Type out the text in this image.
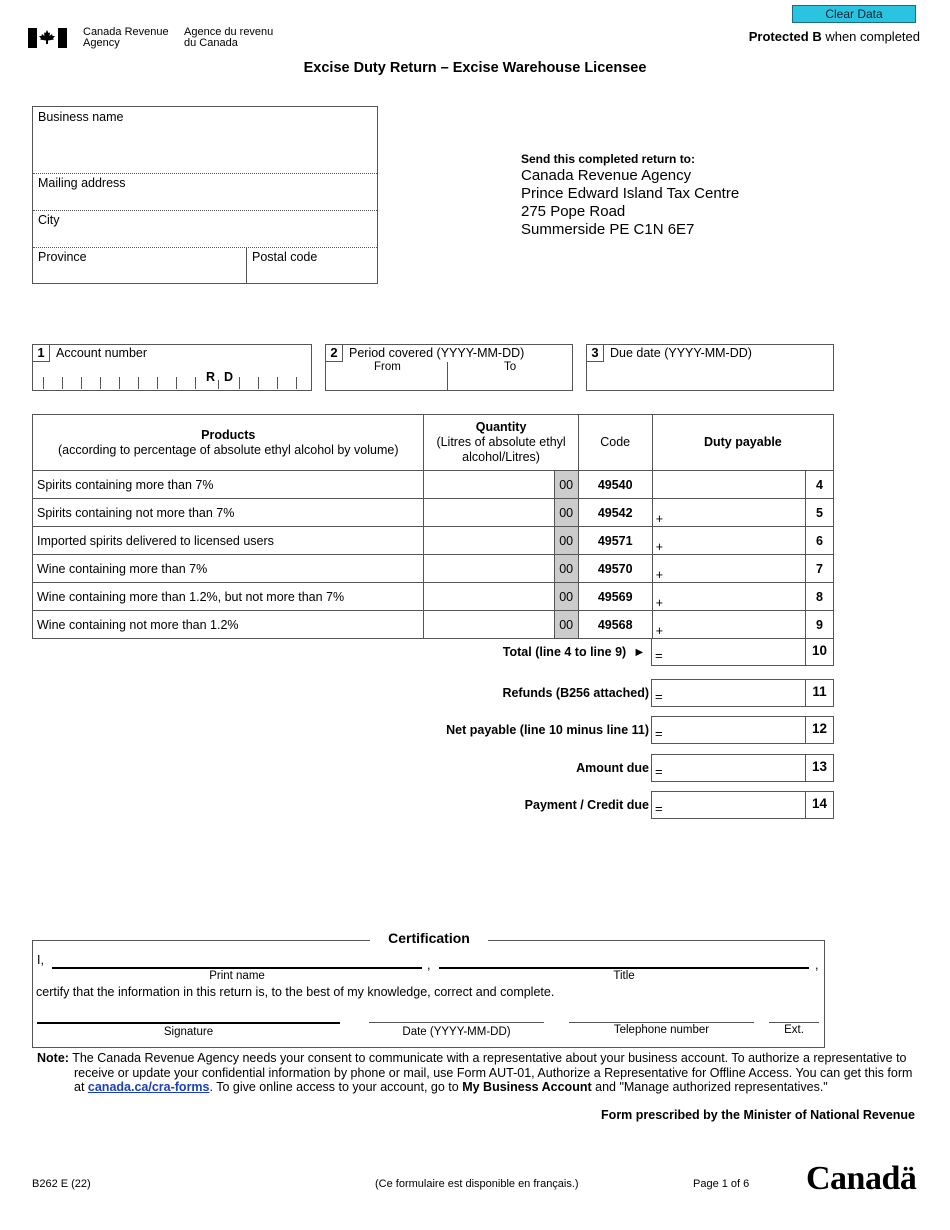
Canada Revenue
Agency
Agence du revenu
du Canada
Clear Data
Protected B when completed
Excise Duty Return – Excise Warehouse Licensee
Business name
Mailing address
City
Province	Postal code
Send this completed return to:
Canada Revenue Agency
Prince Edward Island Tax Centre
275 Pope Road
Summerside PE C1N 6E7
1 Account number
R D
2 Period covered (YYYY-MM-DD)
From	To
3 Due date (YYYY-MM-DD)
Products
(according to percentage of absolute ethyl alcohol by volume)	Quantity
(Litres of absolute ethyl
alcohol/Litres)		Code	Duty payable	
Spirits containing more than 7%		00	49540		4
Spirits containing not more than 7%		00	49542	+	5
Imported spirits delivered to licensed users		00	49571	+	6
Wine containing more than 7%		00	49570	+	7
Wine containing more than 1.2%, but not more than 7%		00	49569	+	8
Wine containing not more than 1.2%		00	49568	+	9
Total (line 4 to line 9) ► =	10
Refunds (B256 attached) =	11
Net payable (line 10 minus line 11) =	12
Amount due =	13
Payment / Credit due =	14
Certification
I,	,	,
Print name	Title
certify that the information in this return is, to the best of my knowledge, correct and complete.
Signature	Date (YYYY-MM-DD)	Telephone number	Ext.
Note: The Canada Revenue Agency needs your consent to communicate with a representative about your business account. To authorize a representative to
receive or update your confidential information by phone or mail, use Form AUT-01, Authorize a Representative for Offline Access. You can get this form
at canada.ca/cra-forms. To give online access to your account, go to My Business Account and "Manage authorized representatives."
Form prescribed by the Minister of National Revenue
B262 E (22)	(Ce formulaire est disponible en français.)	Page 1 of 6 Canadä
